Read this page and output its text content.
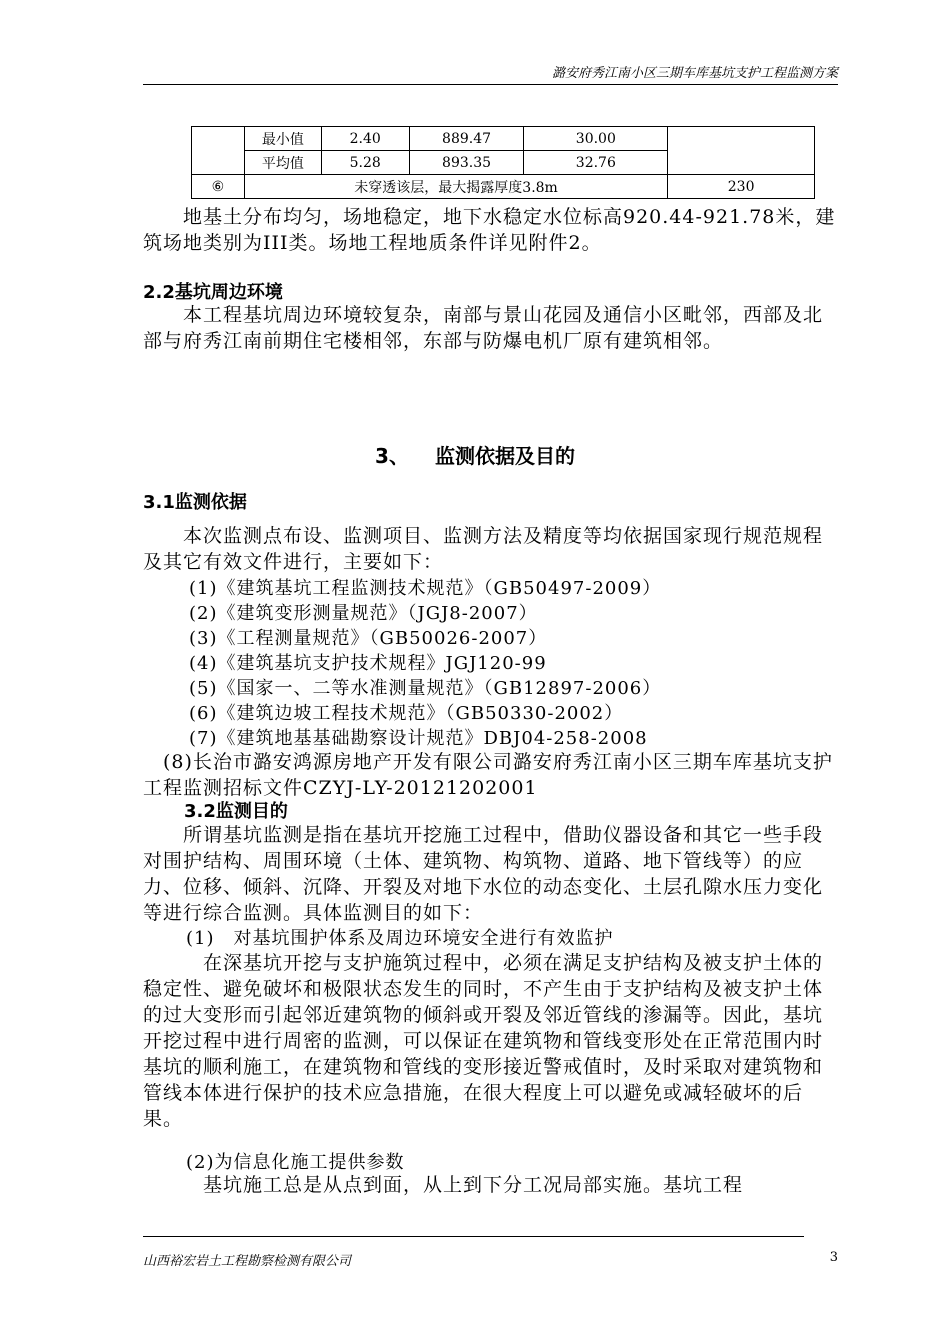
潞安府秀江南小区三期车库基坑支护工程监测方案
	最小值	2.40	889.47	30.00	
	平均值	5.28	893.35	32.76	
⑥	未穿透该层，最大揭露厚度3.8m				230

　　地基土分布均匀，场地稳定，地下水稳定水位标高920.44-921.78米，建筑场地类别为III类。场地工程地质条件详见附件2。

2.2基坑周边环境

　　本工程基坑周边环境较复杂，南部与景山花园及通信小区毗邻，西部及北部与府秀江南前期住宅楼相邻，东部与防爆电机厂原有建筑相邻。

3、 监测依据及目的
3.1监测依据

　　本次监测点布设、监测项目、监测方法及精度等均依据国家现行规范规程及其它有效文件进行，主要如下：

(1)《建筑基坑工程监测技术规范》（GB50497-2009）
(2)《建筑变形测量规范》（JGJ8-2007）
(3)《工程测量规范》（GB50026-2007）
(4)《建筑基坑支护技术规程》JGJ120-99
(5)《国家一、二等水准测量规范》（GB12897-2006）
(6)《建筑边坡工程技术规范》（GB50330-2002）
(7)《建筑地基基础勘察设计规范》DBJ04-258-2008

　(8)长治市潞安鸿源房地产开发有限公司潞安府秀江南小区三期车库基坑支护工程监测招标文件CZYJ-LY-20121202001

3.2监测目的

　　所谓基坑监测是指在基坑开挖施工过程中，借助仪器设备和其它一些手段对围护结构、周围环境（土体、建筑物、构筑物、道路、地下管线等）的应力、位移、倾斜、沉降、开裂及对地下水位的动态变化、土层孔隙水压力变化等进行综合监测。具体监测目的如下：

(1)　对基坑围护体系及周边环境安全进行有效监护

　　　在深基坑开挖与支护施筑过程中，必须在满足支护结构及被支护土体的稳定性、避免破坏和极限状态发生的同时，不产生由于支护结构及被支护土体的过大变形而引起邻近建筑物的倾斜或开裂及邻近管线的渗漏等。因此，基坑开挖过程中进行周密的监测，可以保证在建筑物和管线变形处在正常范围内时基坑的顺利施工，在建筑物和管线的变形接近警戒值时，及时采取对建筑物和管线本体进行保护的技术应急措施，在很大程度上可以避免或减轻破坏的后果。

(2)为信息化施工提供参数

　　　基坑施工总是从点到面，从上到下分工况局部实施。基坑工程

山西裕宏岩土工程勘察检测有限公司	3
